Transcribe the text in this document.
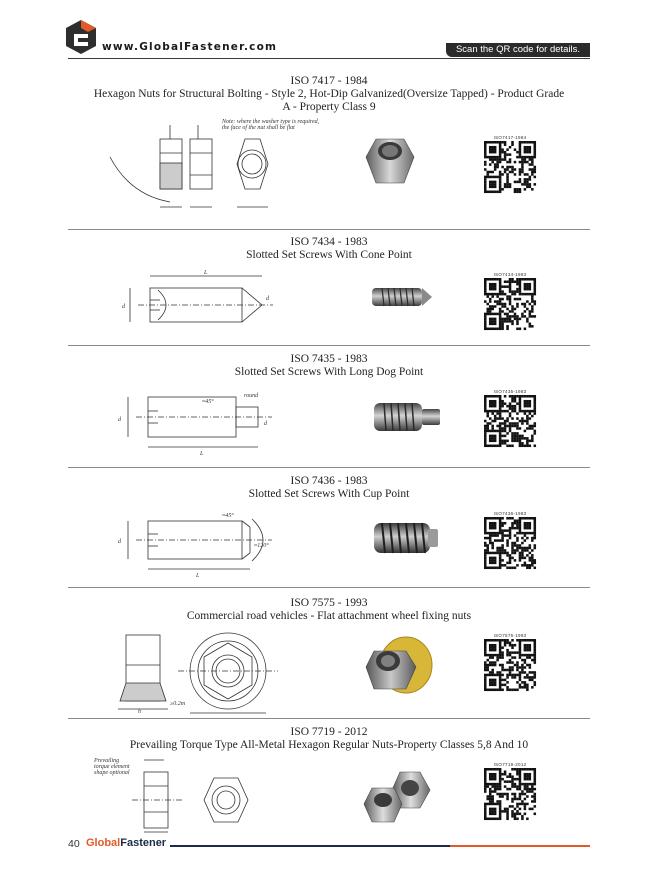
www.GlobalFastener.com	Scan the QR code for details.
ISO 7417 - 1984
Hexagon Nuts for Structural Bolting - Style 2, Hot-Dip Galvanized(Oversize Tapped) - Product Grade
A - Property Class 9
Note: where the washer type is required,
the face of the nut shall be flat
ISO7417-1984
ISO 7434 - 1983
Slotted Set Screws With Cone Point
L
d
d
ISO7434-1983
ISO 7435 - 1983
Slotted Set Screws With Long Dog Point
≈45°
round
L
d
d
ISO7435-1983
ISO 7436 - 1983
Slotted Set Screws With Cup Point
≈45°
≈120°
L
d
ISO7436-1983
ISO 7575 - 1993
Commercial road vehicles - Flat attachment wheel fixing nuts
≥0.2m
h
ISO7575-1993
ISO 7719 - 2012
Prevailing Torque Type All-Metal Hexagon Regular Nuts-Property Classes 5,8 And 10
Prevailing
torque element
shape optional
ISO7719-2012
40 GlobalFastener
